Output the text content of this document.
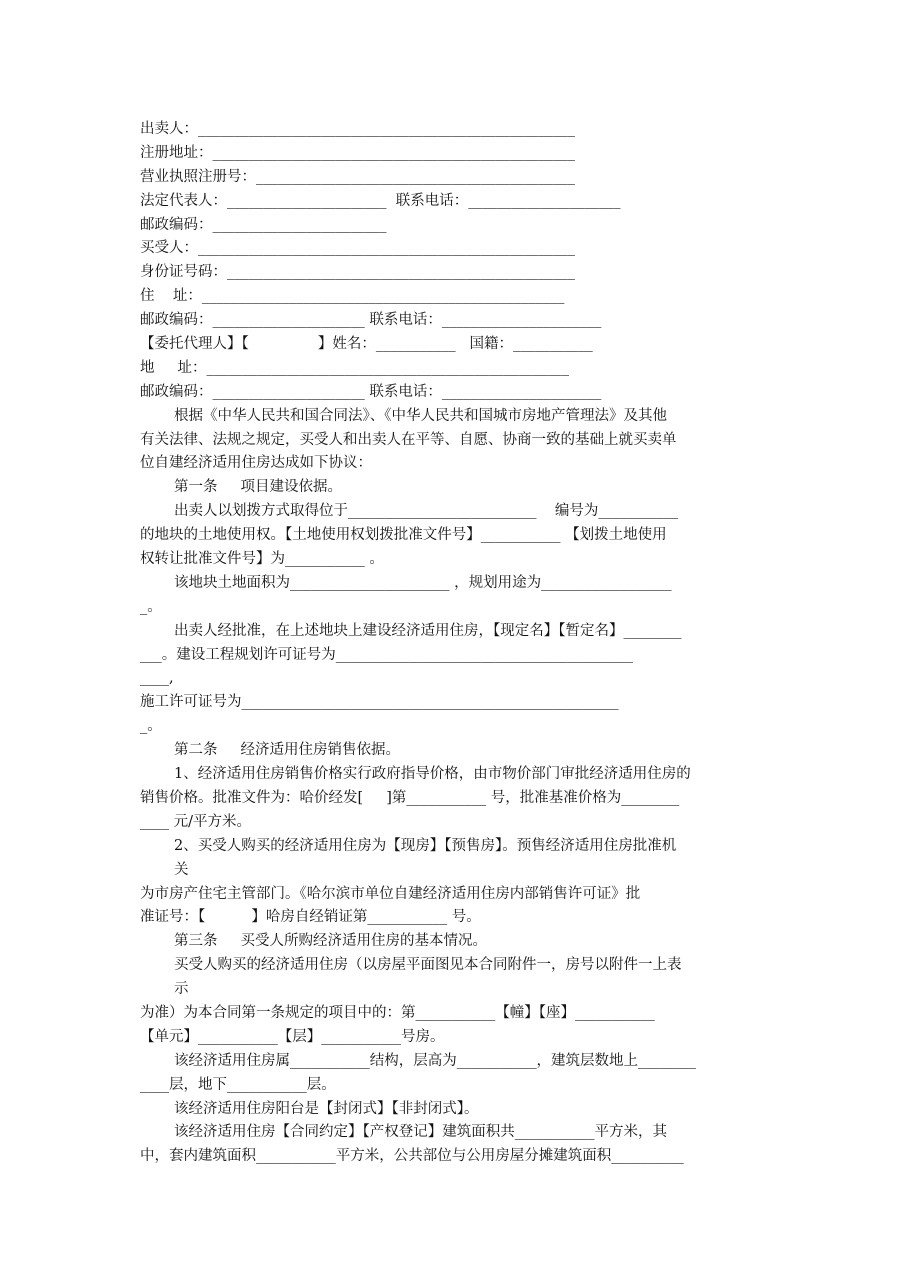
出卖人：____________________________________________________
注册地址：__________________________________________________
营业执照注册号：____________________________________________
法定代表人：______________________  联系电话：_____________________
邮政编码：________________________
买受人：____________________________________________________
身份证号码：________________________________________________
住    址：__________________________________________________
邮政编码：_____________________ 联系电话：______________________
【委托代理人】【               】姓名：___________   国籍：___________
地     址：__________________________________________________
邮政编码：_____________________ 联系电话：______________________
根据《中华人民共和国合同法》、《中华人民共和国城市房地产管理法》及其他
有关法律、法规之规定，买受人和出卖人在平等、自愿、协商一致的基础上就买卖单
位自建经济适用住房达成如下协议：
第一条     项目建设依据。
出卖人以划拨方式取得位于__________________________    编号为___________
的地块的土地使用权。【土地使用权划拨批准文件号】___________ 【划拨土地使用
权转让批准文件号】为___________ 。
该地块土地面积为______________________ ，规划用途为__________________
_。
出卖人经批准，在上述地块上建设经济适用住房，【现定名】【暂定名】________
___。建设工程规划许可证号为_________________________________________
____,
施工许可证号为____________________________________________________
_。
第二条     经济适用住房销售依据。
1、经济适用住房销售价格实行政府指导价格，由市物价部门审批经济适用住房的
销售价格。批准文件为：哈价经发[     ]第___________ 号，批准基准价格为________
____ 元/平方米。
2、买受人购买的经济适用住房为【现房】【预售房】。预售经济适用住房批准机
关
为市房产住宅主管部门。《哈尔滨市单位自建经济适用住房内部销售许可证》批
准证号：【          】哈房自经销证第___________ 号。
第三条     买受人所购经济适用住房的基本情况。
买受人购买的经济适用住房（以房屋平面图见本合同附件一，房号以附件一上表
示
为准）为本合同第一条规定的项目中的：第___________【幢】【座】___________
【单元】___________【层】___________号房。
该经济适用住房属___________结构，层高为___________，建筑层数地上________
____层，地下___________层。
该经济适用住房阳台是【封闭式】【非封闭式】。
该经济适用住房【合同约定】【产权登记】建筑面积共___________平方米，其
中，套内建筑面积___________平方米，公共部位与公用房屋分摊建筑面积__________
